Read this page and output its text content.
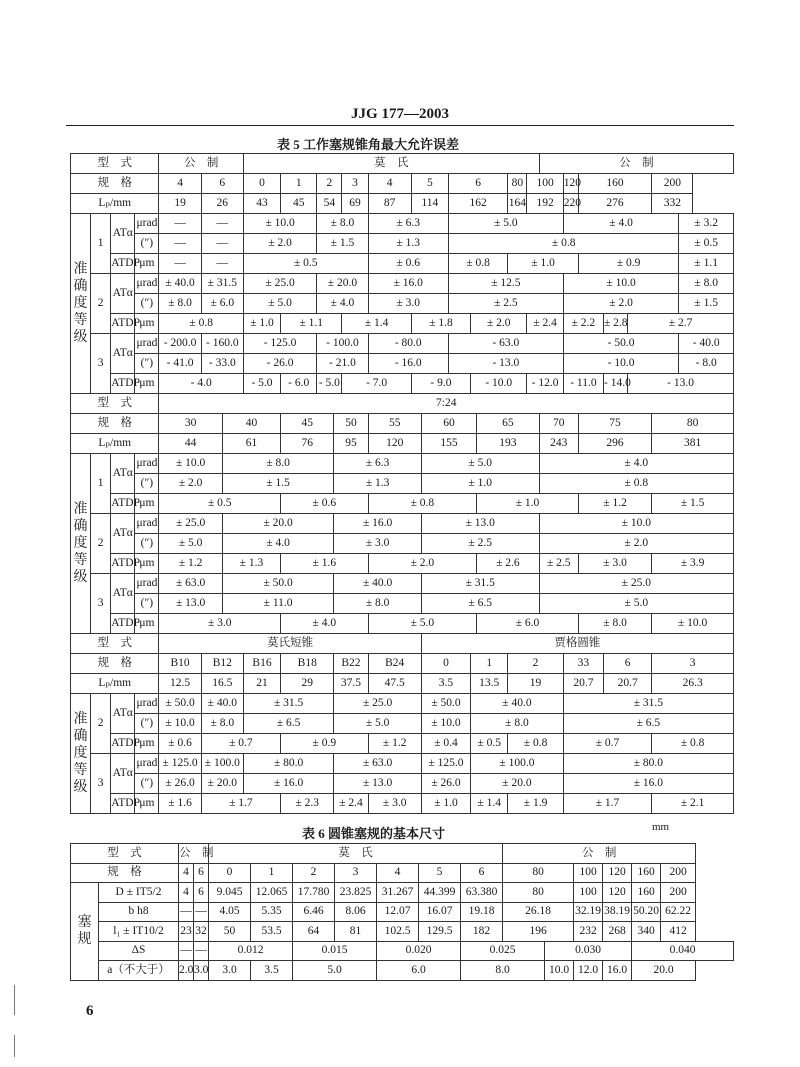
JJG 177—2003
表 5 工作塞规锥角最大允许误差
型　式				公　制			莫　氏													公　制						
规　格				4	6		0	1	2		3	4	5		6			80	100		120	160			200	
Lₚ/mm				19	26		43	45	54		69	87	114		162			164	192		220	276			332	
准确度等级	1	ATα	μrad	—	—		± 10.0		± 8.0			± 6.3			± 5.0						± 4.0					± 3.2
			(″)	—	—		± 2.0		± 1.5			± 1.3			± 0.8											± 0.5
		ATDP	μm	—	—		± 0.5					± 0.6			± 0.8			± 1.0				± 0.9				± 1.1
	2	ATα	μrad	± 40.0	± 31.5		± 25.0		± 20.0			± 16.0			± 12.5						± 10.0					± 8.0
			(″)	± 8.0	± 6.0		± 5.0		± 4.0			± 3.0			± 2.5						± 2.0					± 1.5
		ATDP	μm	± 0.8			± 1.0	± 1.1			± 1.4		± 1.8			± 2.0			± 2.4		± 2.2		± 2.8	± 2.7		
	3	ATα	μrad	- 200.0	- 160.0		- 125.0		- 100.0			- 80.0			- 63.0						- 50.0					- 40.0
			(″)	- 41.0	- 33.0		- 26.0		- 21.0			- 16.0			- 13.0						- 10.0					- 8.0
		ATDP	μm	- 4.0			- 5.0	- 6.0	- 5.0		- 7.0		- 9.0			- 10.0			- 12.0		- 11.0		- 14.0	- 13.0		
型　式				7:24																						
规　格				30		40		45		50		55		60			65			70		75			80	
Lₚ/mm				44		61		76		95		120		155			193			243		296			381	
准确度等级	1	ATα	μrad	± 10.0		± 8.0				± 6.3				± 5.0						± 4.0						
			(″)	± 2.0		± 1.5				± 1.3				± 1.0						± 0.8						
		ATDP	μm	± 0.5				± 0.6				± 0.8					± 1.0					± 1.2			± 1.5	
	2	ATα	μrad	± 25.0		± 20.0				± 16.0				± 13.0						± 10.0						
			(″)	± 5.0		± 4.0				± 3.0				± 2.5						± 2.0						
		ATDP	μm	± 1.2		± 1.3		± 1.6				± 2.0					± 2.6			± 2.5		± 3.0			± 3.9	
	3	ATα	μrad	± 63.0		± 50.0				± 40.0				± 31.5						± 25.0						
			(″)	± 13.0		± 11.0				± 8.0				± 6.5						± 5.0						
		ATDP	μm	± 3.0				± 4.0				± 5.0					± 6.0					± 8.0			± 10.0	
型　式				莫氏短锥										贾格圆锥												
规　格				B10	B12		B16	B18		B22		B24		0		1		2			33		6		3	
Lₚ/mm				12.5	16.5		21	29		37.5		47.5		3.5		13.5		19			20.7		20.7		26.3	
准确度等级	2	ATα	μrad	± 50.0	± 40.0		± 31.5			± 25.0				± 50.0		± 40.0					± 31.5					
			(″)	± 10.0	± 8.0		± 6.5			± 5.0				± 10.0		± 8.0					± 6.5					
		ATDP	μm	± 0.6	± 0.7			± 0.9				± 1.2		± 0.4		± 0.5		± 0.8			± 0.7				± 0.8	
	3	ATα	μrad	± 125.0	± 100.0		± 80.0			± 63.0				± 125.0		± 100.0					± 80.0					
			(″)	± 26.0	± 20.0		± 16.0			± 13.0				± 26.0		± 20.0					± 16.0					
		ATDP	μm	± 1.6	± 1.7			± 2.3		± 2.4		± 3.0		± 1.0		± 1.4		± 1.9			± 1.7				± 2.1	
表 6 圆锥塞规的基本尺寸	mm
型　式		公　制		莫　氏							公　制					
规　格		4	6	0	1	2	3	4	5	6	80		100	120	160	200
塞规	D ± IT5/2	4	6	9.045	12.065	17.780	23.825	31.267	44.399	63.380	80		100	120	160	200
	b h8	—	—	4.05	5.35	6.46	8.06	12.07	16.07	19.18	26.18		32.19	38.19	50.20	62.22
	l₁ ± IT10/2	23	32	50	53.5	64	81	102.5	129.5	182	196		232	268	340	412
	ΔS	—	—	0.012		0.015		0.020		0.025		0.030			0.040	
	a（不大于）	2.0	3.0	3.0	3.5	5.0		6.0		8.0		10.0	12.0	16.0	20.0	
6
